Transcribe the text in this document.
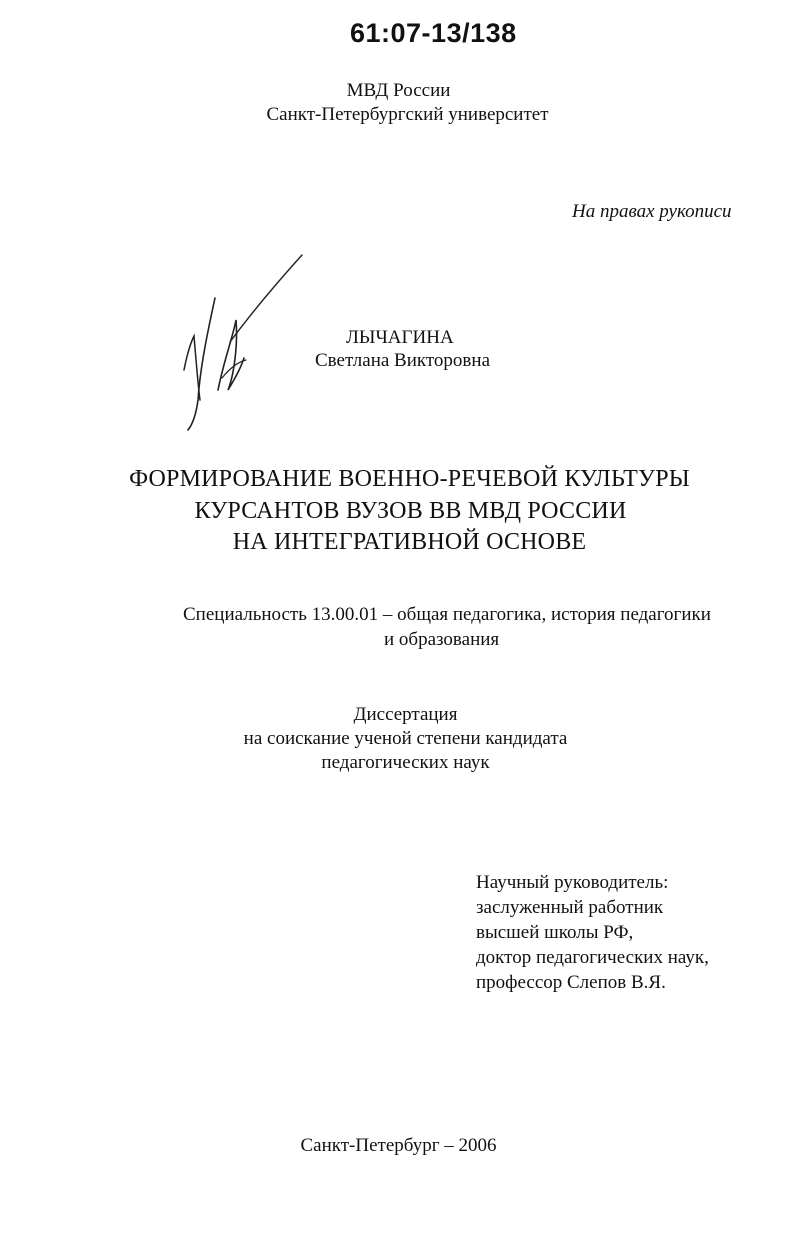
61:07-13/138
МВД России
Санкт-Петербургский университет
На правах рукописи
ЛЫЧАГИНА
Светлана Викторовна
ФОРМИРОВАНИЕ ВОЕННО-РЕЧЕВОЙ КУЛЬТУРЫ
КУРСАНТОВ ВУЗОВ ВВ МВД РОССИИ
НА ИНТЕГРАТИВНОЙ ОСНОВЕ
Специальность 13.00.01 – общая педагогика, история педагогики
и образования
Диссертация
на соискание ученой степени кандидата
педагогических наук
Научный руководитель:
заслуженный работник
высшей школы РФ,
доктор педагогических наук,
профессор Слепов В.Я.
Санкт-Петербург – 2006
